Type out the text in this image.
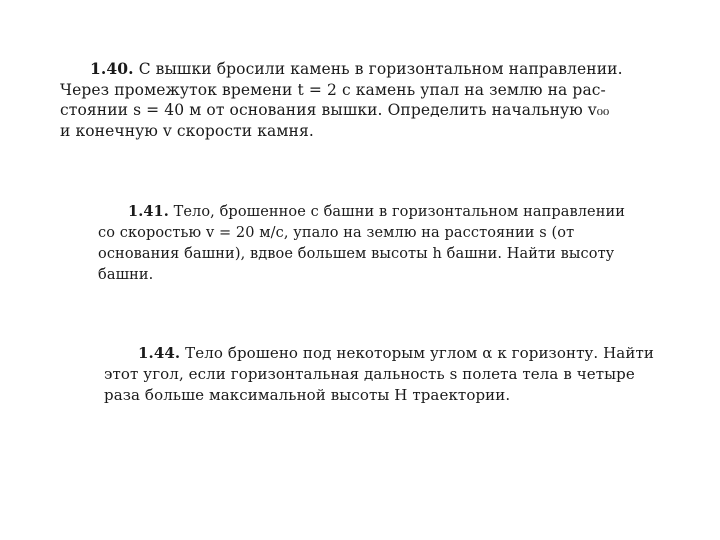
1.40. С вышки бросили камень в горизонтальном направлении.
Через промежуток времени t = 2 с камень упал на землю на рас-
стоянии s = 40 м от основания вышки. Определить начальную v₀₀
и конечную v скорости камня.
1.41. Тело, брошенное с башни в горизонтальном направлении
со скоростью v = 20 м/с, упало на землю на расстоянии s (от
основания башни), вдвое большем высоты h башни. Найти высоту
башни.
1.44. Тело брошено под некоторым углом α к горизонту. Найти
этот угол, если горизонтальная дальность s полета тела в четыре
раза больше максимальной высоты H траектории.
